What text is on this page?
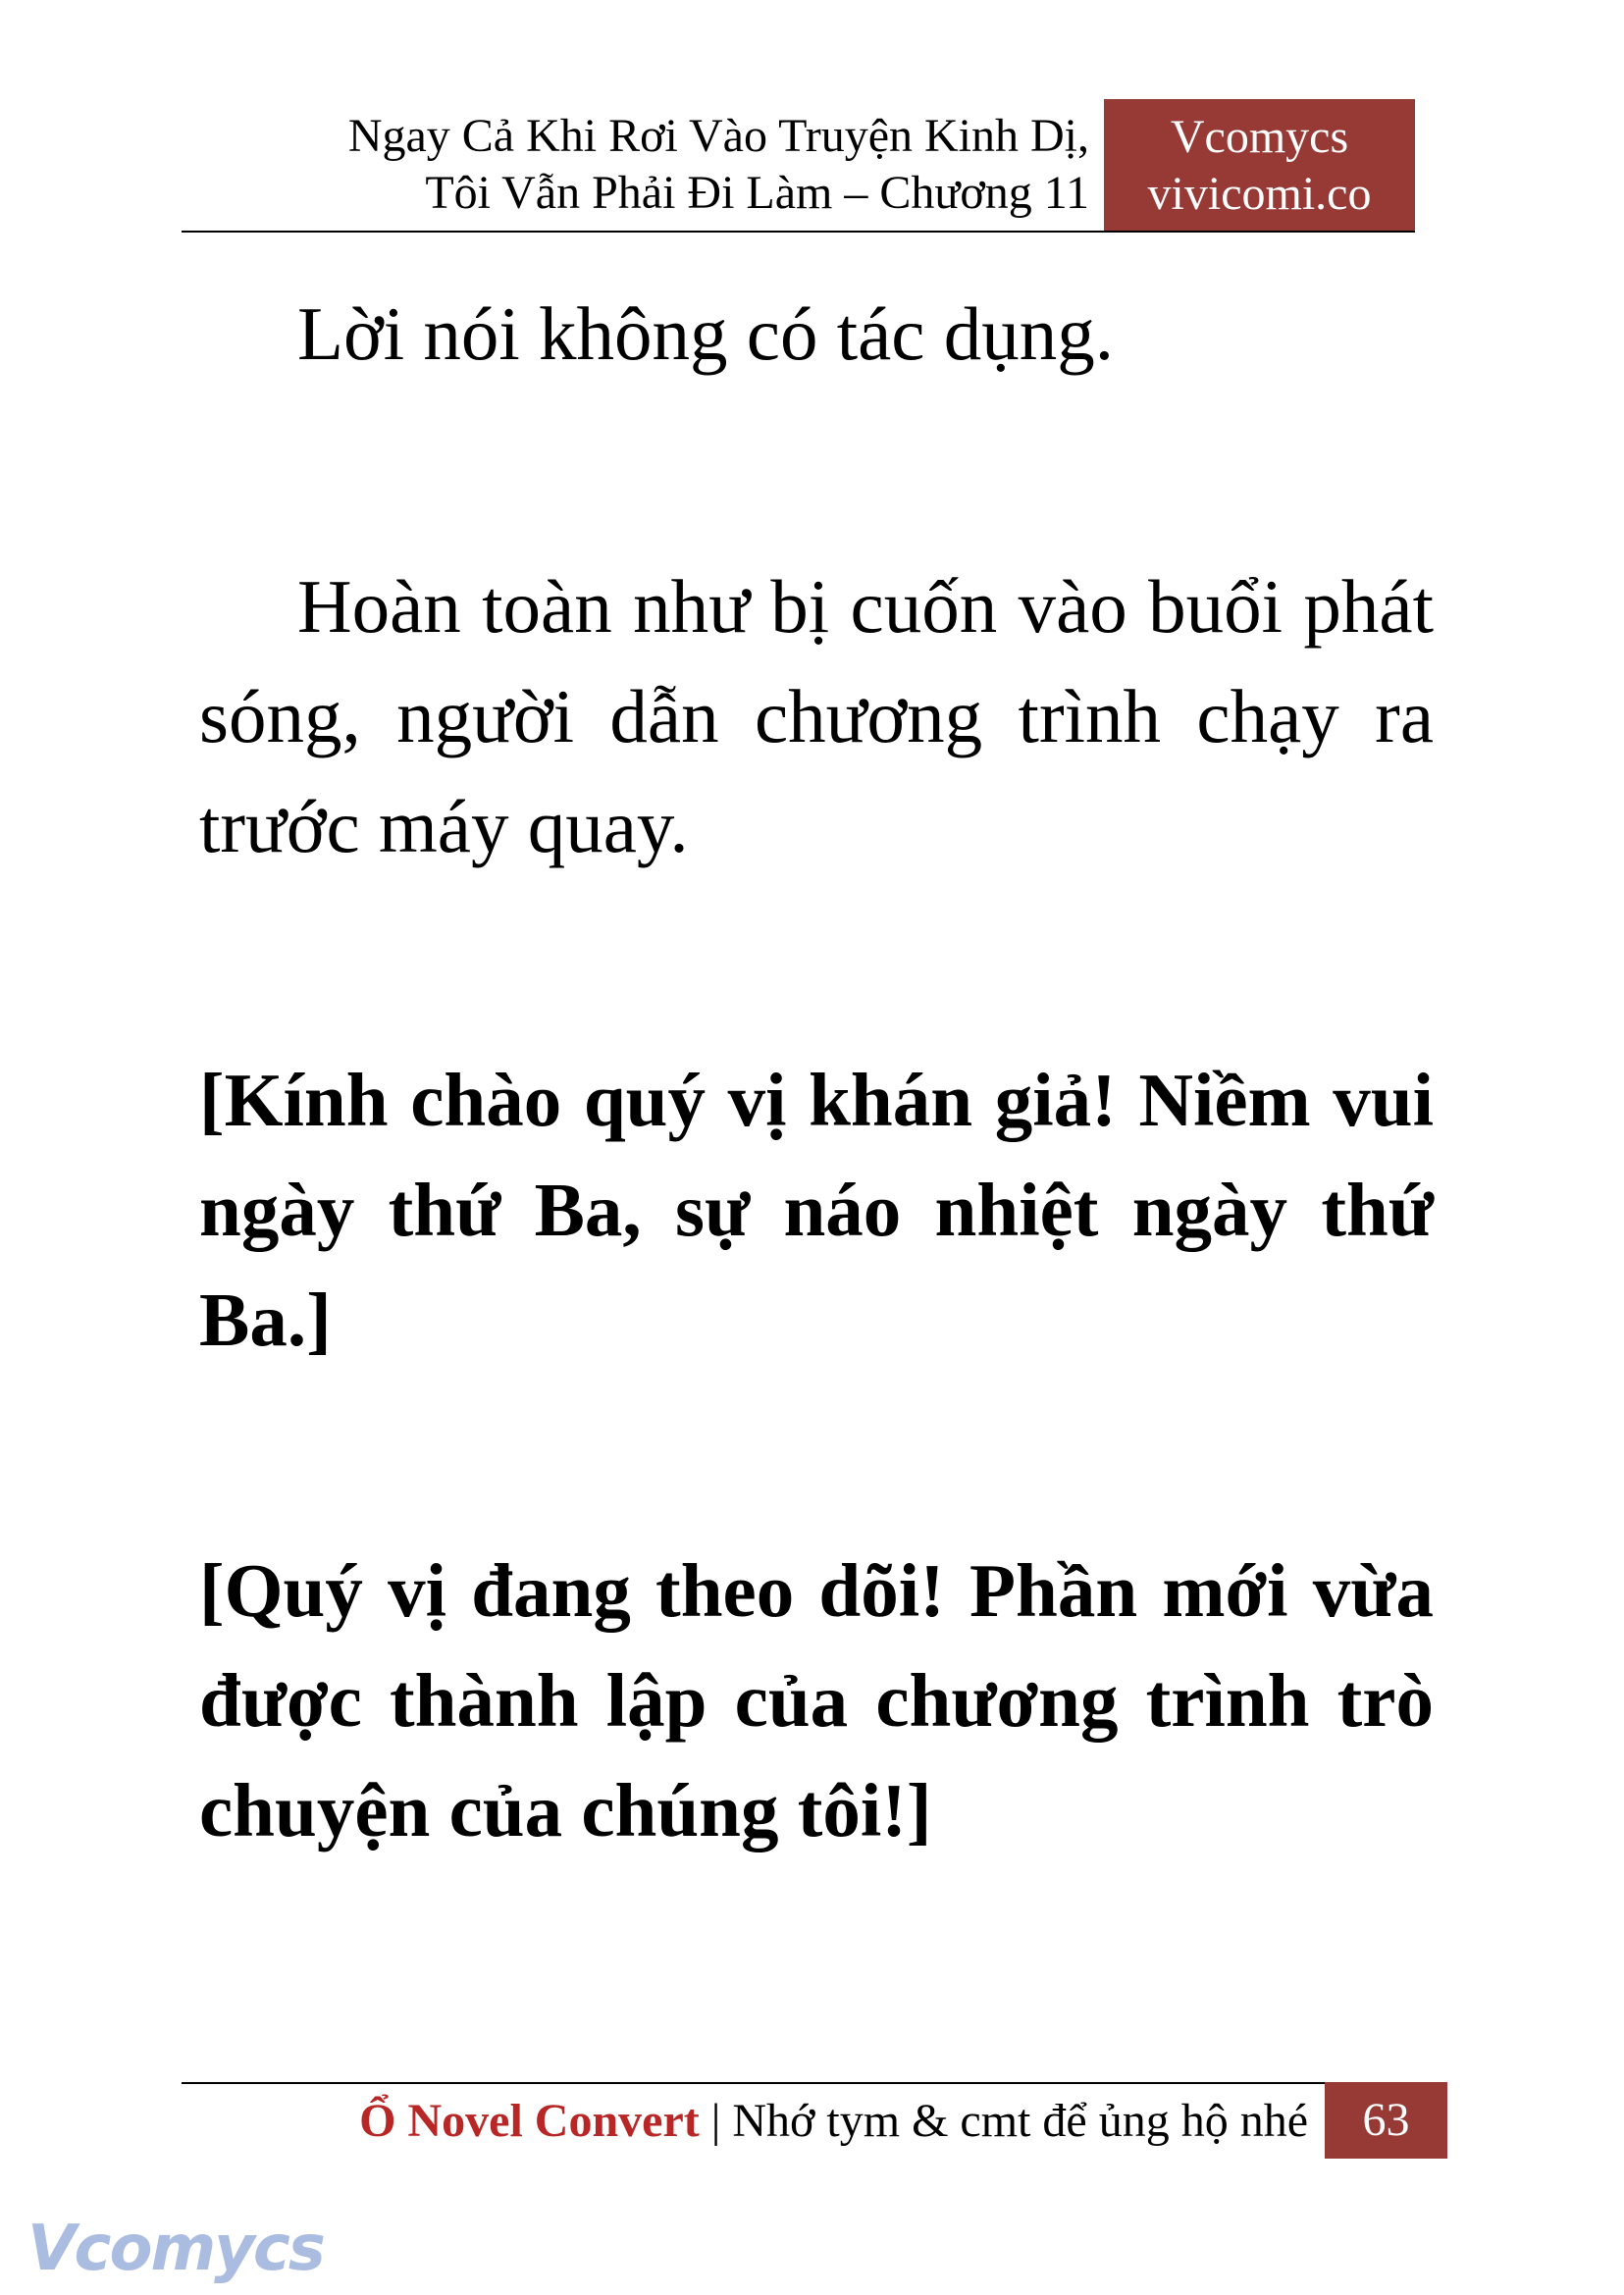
Ngay Cả Khi Rơi Vào Truyện Kinh Dị,
Tôi Vẫn Phải Đi Làm – Chương 11
Vcomycs
vivicomi.co

Lời nói không có tác dụng.

Hoàn toàn như bị cuốn vào buổi phát sóng, người dẫn chương trình chạy ra trước máy quay.

[Kính chào quý vị khán giả! Niềm vui ngày thứ Ba, sự náo nhiệt ngày thứ Ba.]

[Quý vị đang theo dõi! Phần mới vừa được thành lập của chương trình trò chuyện của chúng tôi!]

Ổ Novel Convert | Nhớ tym & cmt để ủng hộ nhé	63
Vcomycs
